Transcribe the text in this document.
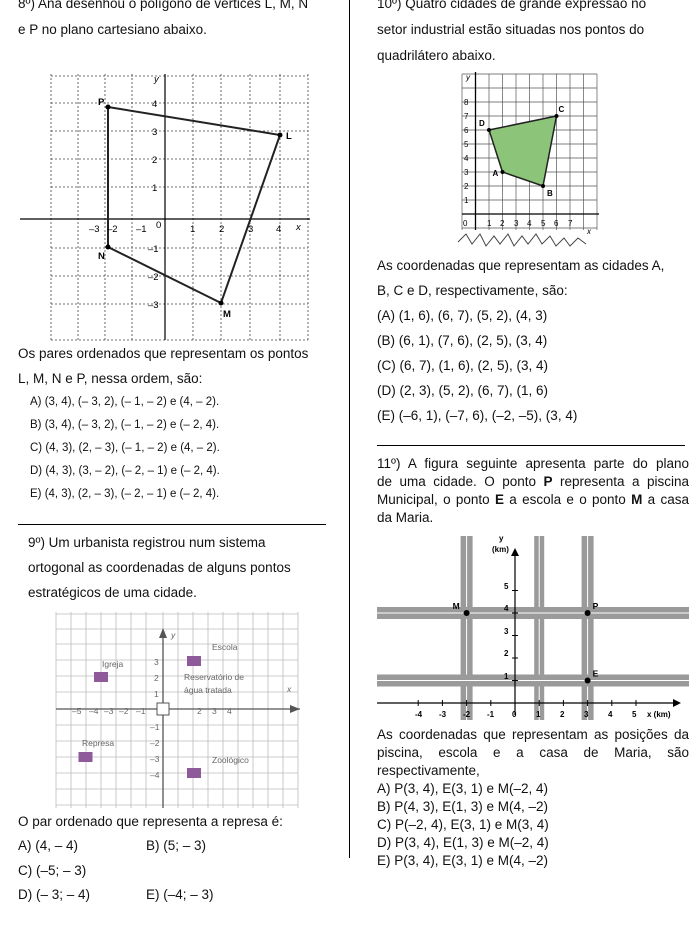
8º) Ana desenhou o polígono de vértices L, M, N
e P no plano cartesiano abaixo.
P
L
M
N
–3 –2 –1 0	1 2 3 4
4
3
2
1
–1
–2
–3
x
y
Os pares ordenados que representam os pontos
L, M, N e P, nessa ordem, são:
A) (3, 4), (– 3, 2), (– 1, – 2) e (4, – 2).
B) (3, 4), (– 3, 2), (– 1, – 2) e (– 2, 4).
C) (4, 3), (2, – 3), (– 1, – 2) e (4, – 2).
D) (4, 3), (3, – 2), (– 2, – 1) e (– 2, 4).
E) (4, 3), (2, – 3), (– 2, – 1) e (– 2, 4).
9º) Um urbanista registrou num sistema
ortogonal as coordenadas de alguns pontos
estratégicos de uma cidade.
Escola
Igreja
Reservatório de
água tratada
Represa
Zoológico
–5 –4 –3 –2 –1	2 3 4
3
2
1
–1
–2
–3
–4
x
y
O par ordenado que representa a represa é:
A) (4, – 4)	B) (5; – 3)
C) (–5; – 3)
D) (– 3; – 4)	E) (–4; – 3)
10º) Quatro cidades de grande expressão no
setor industrial estão situadas nos pontos do
quadrilátero abaixo.
A
B
C
D
0 1 2 3 4 5 6 7
8
7
6
5
4
3
2
1
x
y
As coordenadas que representam as cidades A,
B, C e D, respectivamente, são:
(A) (1, 6), (6, 7), (5, 2), (4, 3)
(B) (6, 1), (7, 6), (2, 5), (3, 4)
(C) (6, 7), (1, 6), (2, 5), (3, 4)
(D) (2, 3), (5, 2), (6, 7), (1, 6)
(E) (–6, 1), (–7, 6), (–2, –5), (3, 4)
11º) A figura seguinte apresenta parte do plano
de uma cidade. O ponto P representa a piscina
Municipal, o ponto E a escola e o ponto M a casa
da Maria.
M	P
E
-4 -3 -2 -1 0 1 2 3 4 5
5
4
3
2
1
x (km)
y
(km)
As coordenadas que representam as posições da
piscina, escola e a casa de Maria, são
respectivamente,
A) P(3, 4), E(3, 1) e M(–2, 4)
B) P(4, 3), E(1, 3) e M(4, –2)
C) P(–2, 4), E(3, 1) e M(3, 4)
D) P(3, 4), E(1, 3) e M(–2, 4)
E) P(3, 4), E(3, 1) e M(4, –2)
